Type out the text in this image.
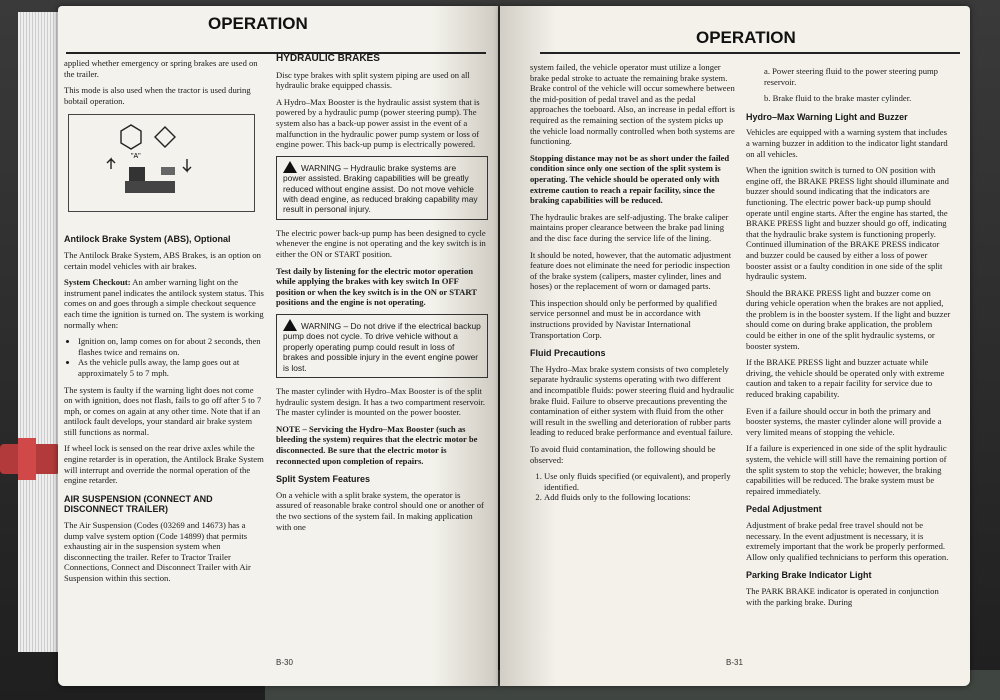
OPERATION

applied whether emergency or spring brakes are used on the trailer.

This mode is also used when the tractor is used during bobtail operation.

Antilock Brake System (ABS), Optional

The Antilock Brake System, ABS Brakes, is an option on certain model vehicles with air brakes.

System Checkout: An amber warning light on the instrument panel indicates the antilock system status. This comes on and goes through a simple checkout sequence each time the ignition is turned on. The system is working normally when:

• Ignition on, lamp comes on for about 2 seconds, then flashes twice and remains on.
• As the vehicle pulls away, the lamp goes out at approximately 5 to 7 mph.

The system is faulty if the warning light does not come on with ignition, does not flash, fails to go off after 5 to 7 mph, or comes on again at any other time. Note that if an antilock fault develops, your standard air brake system still functions as normal.

If wheel lock is sensed on the rear drive axles while the engine retarder is in operation, the Antilock Brake System will interrupt and override the normal operation of the engine retarder.

AIR SUSPENSION (CONNECT AND DISCONNECT TRAILER)

The Air Suspension (Codes (03269 and 14673) has a dump valve system option (Code 14899) that permits exhausting air in the suspension system when disconnecting the trailer. Refer to Tractor Trailer Connections, Connect and Disconnect Trailer with Air Suspension within this section.

"A"
HYDRAULIC BRAKES

Disc type brakes with split system piping are used on all hydraulic brake equipped chassis.

A Hydro–Max Booster is the hydraulic assist system that is powered by a hydraulic pump (power steering pump). The system also has a back-up power assist in the event of a malfunction in the hydraulic power pump system or loss of engine power. This back-up pump is electrically powered.

WARNING – Hydraulic brake systems are power assisted. Braking capabilities will be greatly reduced without engine assist. Do not move vehicle with dead engine, as reduced braking capability may result in personal injury.

The electric power back-up pump has been designed to cycle whenever the engine is not operating and the key switch is in either the ON or START position.

Test daily by listening for the electric motor operation while applying the brakes with key switch In OFF position or when the key switch is in the ON or START positions and the engine is not operating.

WARNING – Do not drive if the electrical backup pump does not cycle. To drive vehicle without a properly operating pump could result in loss of brakes and possible injury in the event engine power is lost.

The master cylinder with Hydro–Max Booster is of the split hydraulic system design. It has a two compartment reservoir. The master cylinder is mounted on the power booster.

NOTE – Servicing the Hydro–Max Booster (such as bleeding the system) requires that the electric motor be disconnected. Be sure that the electric motor is reconnected upon completion of repairs.

Split System Features

On a vehicle with a split brake system, the operator is assured of reasonable brake control should one or another of the two sections of the system fail. In making application with one

B-30
OPERATION

system failed, the vehicle operator must utilize a longer brake pedal stroke to actuate the remaining brake system. Brake control of the vehicle will occur somewhere between the mid-position of pedal travel and as the pedal approaches the toeboard. Also, an increase in pedal effort is required as the remaining section of the system picks up the vehicle load normally controlled when both systems are functioning.

Stopping distance may not be as short under the failed condition since only one section of the split system is operating. The vehicle should be operated only with extreme caution to reach a repair facility, since the braking capabilities will be reduced.

The hydraulic brakes are self-adjusting. The brake caliper maintains proper clearance between the brake pad lining and the disc face during the service life of the lining.

It should be noted, however, that the automatic adjustment feature does not eliminate the need for periodic inspection of the brake system (calipers, master cylinder, lines and hoses) or the replacement of worn or damaged parts.

This inspection should only be performed by qualified service personnel and must be in accordance with instructions provided by Navistar International Transportation Corp.

Fluid Precautions

The Hydro–Max brake system consists of two completely separate hydraulic systems operating with two different and incompatible fluids: power steering fluid and hydraulic brake fluid. Failure to observe precautions preventing the contamination of either system with fluid from the other will result in the swelling and deterioration of rubber parts leading to reduced brake performance and eventual failure.

To avoid fluid contamination, the following should be observed:

1. Use only fluids specified (or equivalent), and properly identified.
2. Add fluids only to the following locations:

a. Power steering fluid to the power steering pump reservoir.

b. Brake fluid to the brake master cylinder.

Hydro–Max Warning Light and Buzzer

Vehicles are equipped with a warning system that includes a warning buzzer in addition to the indicator light standard on all vehicles.

When the ignition switch is turned to ON position with engine off, the BRAKE PRESS light should illuminate and buzzer should sound indicating that the indicators are functioning. The electric power back-up pump should operate until engine starts. After the engine has started, the BRAKE PRESS light and buzzer should go off, indicating that the hydraulic brake system is functioning properly. Continued illumination of the BRAKE PRESS indicator and buzzer could be caused by either a loss of power booster assist or a faulty condition in one side of the split hydraulic system.

Should the BRAKE PRESS light and buzzer come on during vehicle operation when the brakes are not applied, the problem is in the booster system. If the light and buzzer should come on during brake application, the problem could be either in one of the split hydraulic systems, or booster system.

If the BRAKE PRESS light and buzzer actuate while driving, the vehicle should be operated only with extreme caution and taken to a repair facility for service due to reduced braking capability.

Even if a failure should occur in both the primary and booster systems, the master cylinder alone will provide a very limited means of stopping the vehicle.

If a failure is experienced in one side of the split hydraulic system, the vehicle will still have the remaining portion of the split system to stop the vehicle; however, the braking capabilities will be reduced. The brake system must be repaired immediately.

Pedal Adjustment

Adjustment of brake pedal free travel should not be necessary. In the event adjustment is necessary, it is extremely important that the work be properly performed. Allow only qualified technicians to perform this operation.

Parking Brake Indicator Light

The PARK BRAKE indicator is operated in conjunction with the parking brake. During

B-31
